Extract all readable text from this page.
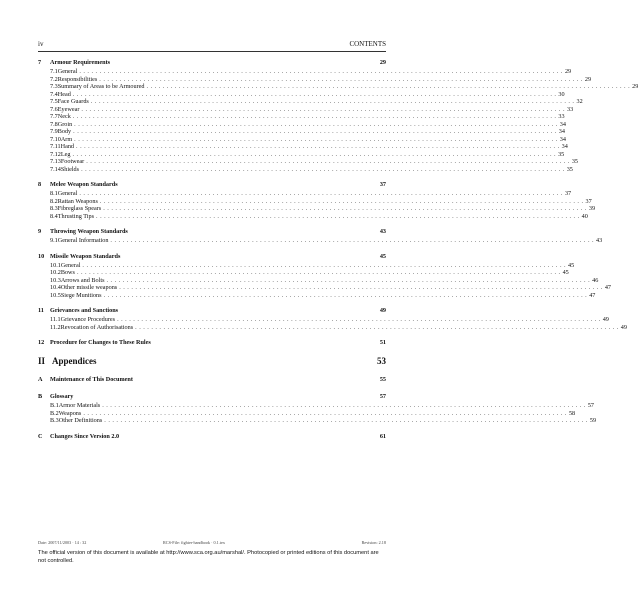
iv	CONTENTS
7	Armour Requirements	29
7.1 General ........................................................................................................................ 29
7.2 Responsibilities ........................................................................................................................ 29
7.3 Summary of Areas to be Armoured ........................................................................................................................ 29
7.4 Head ........................................................................................................................ 30
7.5 Face Guards ........................................................................................................................ 32
7.6 Eyewear ........................................................................................................................ 33
7.7 Neck ........................................................................................................................ 33
7.8 Groin ........................................................................................................................ 34
7.9 Body ........................................................................................................................ 34
7.10 Arm ........................................................................................................................ 34
7.11 Hand ........................................................................................................................ 34
7.12 Leg ........................................................................................................................ 35
7.13 Footwear ........................................................................................................................ 35
7.14 Shields ........................................................................................................................ 35
8	Melee Weapon Standards	37
8.1 General ........................................................................................................................ 37
8.2 Rattan Weapons ........................................................................................................................ 37
8.3 Fibreglass Spears ........................................................................................................................ 39
8.4 Thrusting Tips ........................................................................................................................ 40
9	Throwing Weapon Standards	43
9.1 General Information ........................................................................................................................ 43
10 Missile Weapon Standards	45
10.1 General ........................................................................................................................ 45
10.2 Bows ........................................................................................................................ 45
10.3 Arrows and Bolts ........................................................................................................................ 46
10.4 Other missile weapons ........................................................................................................................ 47
10.5 Siege Munitions ........................................................................................................................ 47
11 Grievances and Sanctions	49
11.1 Grievance Procedures ........................................................................................................................ 49
11.2 Revocation of Authorisations ........................................................................................................................ 49
12 Procedure for Changes to These Rules	51
II Appendices	53
A	Maintenance of This Document	55
B	Glossary	57
B.1 Armor Materials ........................................................................................................................ 57
B.2 Weapons ........................................................................................................................ 58
B.3 Other Definitions ........................................................................................................................ 59
C	Changes Since Version 2.0	61
Date: 2007/11/2003 · 14 : 32	RCS-File: fighter-handbook · 0.1.tex	Revision: 2.18
The official version of this document is available at http://www.sca.org.au/marshal/. Photocopied or printed editions of this document are not controlled.
